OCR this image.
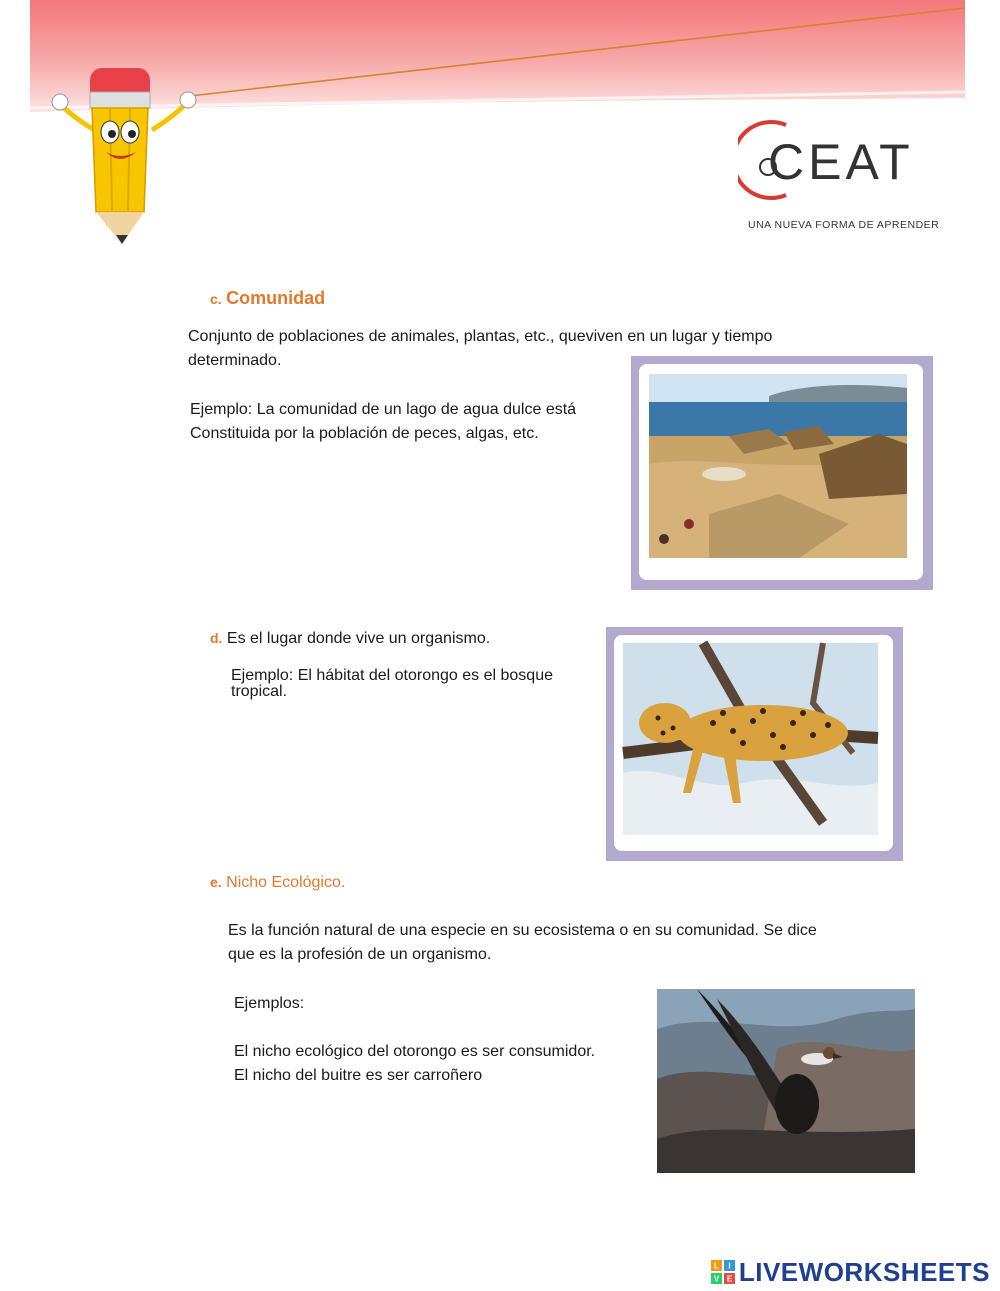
CEAT
UNA NUEVA FORMA DE APRENDER
c. Comunidad
Conjunto de poblaciones de animales, plantas, etc., queviven en un lugar y tiempo
determinado.
Ejemplo: La comunidad de un lago de agua dulce está
Constituida por la población de peces, algas, etc.
d. Es el lugar donde vive un organismo.
Ejemplo: El hábitat del otorongo es el bosque
tropical.
e. Nicho Ecológico.
Es la función natural de una especie en su ecosistema o en su comunidad. Se dice
que es la profesión de un organismo.
Ejemplos:
El nicho ecológico del otorongo es ser consumidor.
El nicho del buitre es ser carroñero
L I
V E LIVEWORKSHEETS
